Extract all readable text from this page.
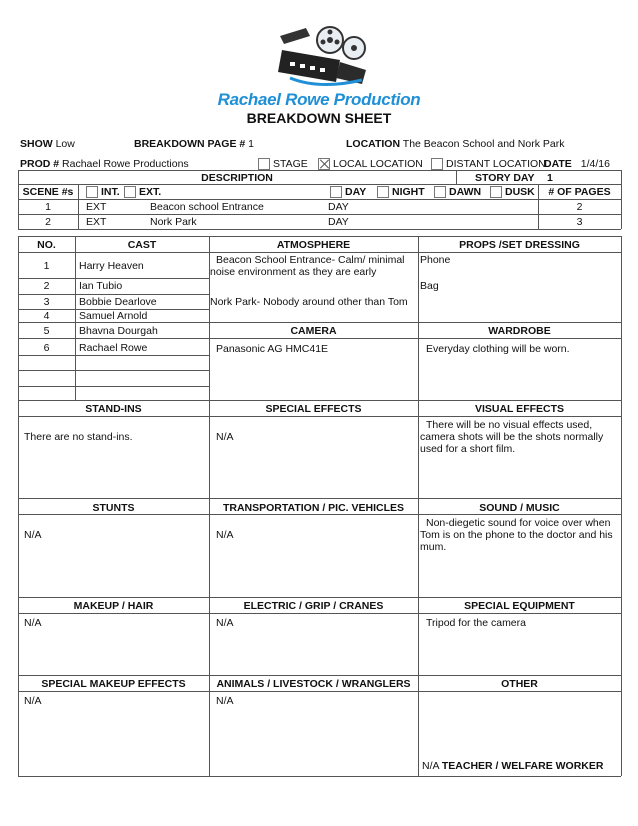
Rachael Rowe Production
BREAKDOWN SHEET
SHOW Low	BREAKDOWN PAGE # 1	LOCATION The Beacon School and Nork Park
PROD # Rachael Rowe Productions	STAGE LOCAL LOCATION DISTANT LOCATION
DATE 1/4/16
DESCRIPTION	STORY DAY 1
SCENE #s	INT. EXT.	DAY NIGHT DAWN DUSK	# OF PAGES
1	EXT	Beacon school Entrance	DAY	2
2	EXT	Nork Park	DAY	3
NO.	CAST	ATMOSPHERE	PROPS /SET DRESSING
1	Harry Heaven
2	Ian Tubio
3	Bobbie Dearlove
4	Samuel Arnold
5	Bhavna Dourgah
6	Rachael Rowe
Beacon School Entrance- Calm/ minimal
noise environment as they are early
Nork Park- Nobody around other than Tom
Phone
Bag
CAMERA	WARDROBE
Panasonic AG HMC41E	Everyday clothing will be worn.
STAND-INS	SPECIAL EFFECTS	VISUAL EFFECTS
There are no stand-ins.	N/A
There will be no visual effects used,
camera shots will be the shots normally
used for a short film.
STUNTS	TRANSPORTATION / PIC. VEHICLES	SOUND / MUSIC
N/A	N/A
Non-diegetic sound for voice over when
Tom is on the phone to the doctor and his
mum.
MAKEUP / HAIR	ELECTRIC / GRIP / CRANES	SPECIAL EQUIPMENT
N/A	N/A	Tripod for the camera
SPECIAL MAKEUP EFFECTS	ANIMALS / LIVESTOCK / WRANGLERS	OTHER
N/A	N/A
N/A TEACHER / WELFARE WORKER
